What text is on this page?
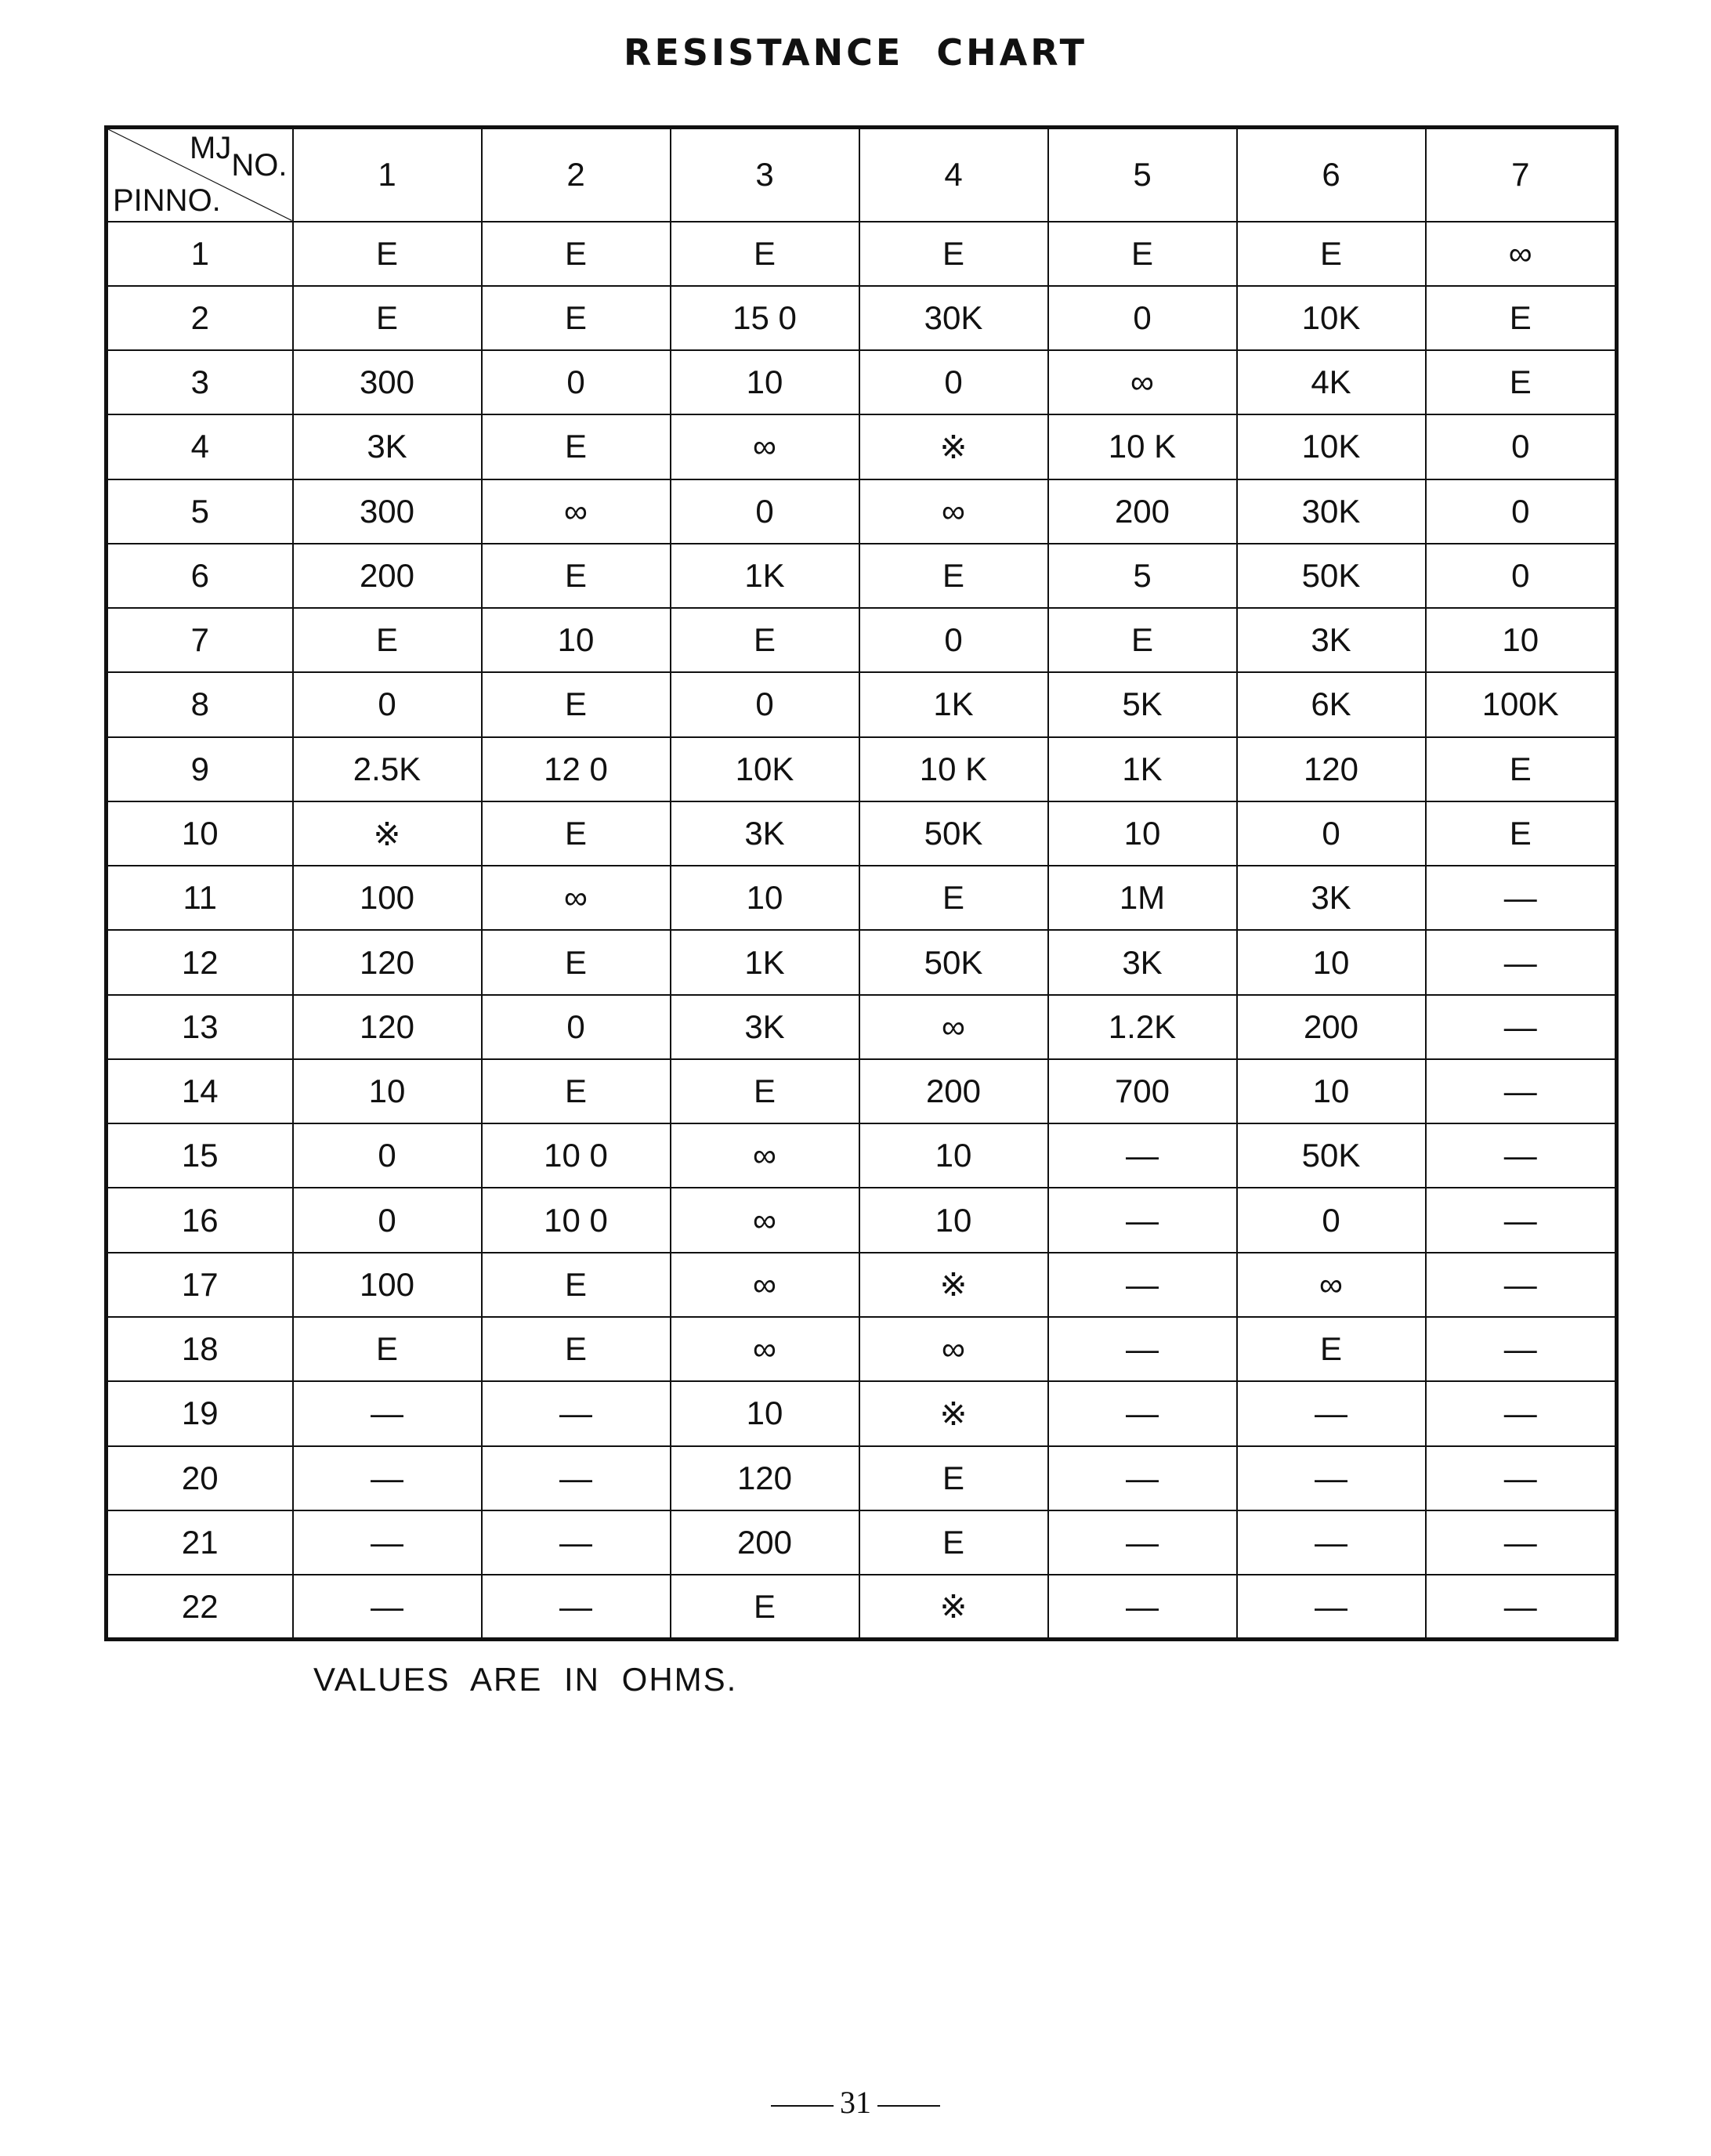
RESISTANCE CHART
MJNO.
PINNO.	1	2	3	4	5	6	7
1	E	E	E	E	E	E	∞
2	E	E	15 0	30K	0	10K	E
3	300	0	10	0	∞	4K	E
4	3K	E	∞	※	10 K	10K	0
5	300	∞	0	∞	200	30K	0
6	200	E	1K	E	5	50K	0
7	E	10	E	0	E	3K	10
8	0	E	0	1K	5K	6K	100K
9	2.5K	12 0	10K	10 K	1K	120	E
10	※	E	3K	50K	10	0	E
11	100	∞	10	E	1M	3K	—
12	120	E	1K	50K	3K	10	—
13	120	0	3K	∞	1.2K	200	—
14	10	E	E	200	700	10	—
15	0	10 0	∞	10	—	50K	—
16	0	10 0	∞	10	—	0	—
17	100	E	∞	※	—	∞	—
18	E	E	∞	∞	—	E	—
19	—	—	10	※	—	—	—
20	—	—	120	E	—	—	—
21	—	—	200	E	—	—	—
22	—	—	E	※	—	—	—
VALUES ARE IN OHMS.
31
